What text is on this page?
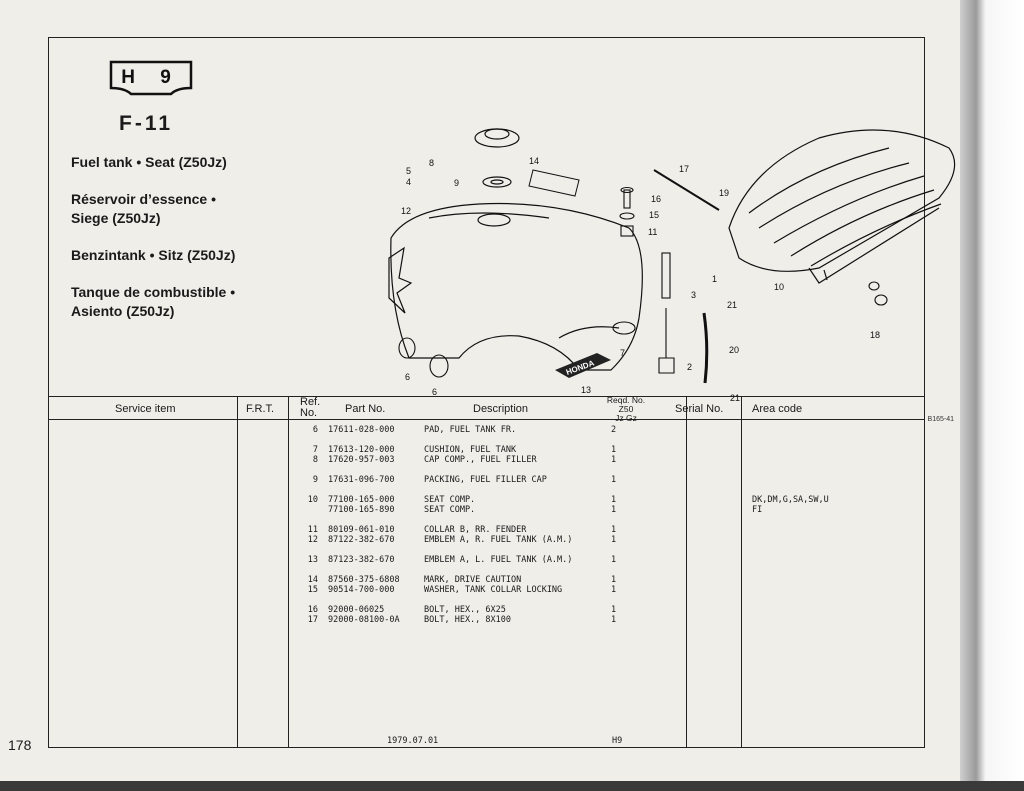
H 9
F-11
Fuel tank • Seat (Z50Jz)
Réservoir d’essence •
Siege (Z50Jz)
Benzintank • Sitz (Z50Jz)
Tanque de combustible •
Asiento (Z50Jz)
HONDA
8	14
4
17
9
16
15
19
11
12
1
3
21
10
18
7	20
2
6
6	13
21
5
B165-41
Service item	F.R.T.
Ref.
No.	Part No.	Description
Reqd. No.
Z50
Jz Gz
Serial No.	Area code
6 17611-028-000	PAD, FUEL TANK FR.	2
7 17613-120-000	CUSHION, FUEL TANK	1
8 17620-957-003	CAP COMP., FUEL FILLER	1
9 17631-096-700	PACKING, FUEL FILLER CAP	1
10 77100-165-000	SEAT COMP.	1	DK,DM,G,SA,SW,U
77100-165-890	SEAT COMP.	1	FI
11 80109-061-010	COLLAR B, RR. FENDER	1
12 87122-382-670	EMBLEM A, R. FUEL TANK (A.M.)	1
13 87123-382-670	EMBLEM A, L. FUEL TANK (A.M.)	1
14 87560-375-6808	MARK, DRIVE CAUTION	1
15 90514-700-000	WASHER, TANK COLLAR LOCKING	1
16 92000-06025	BOLT, HEX., 6X25	1
17 92000-08100-0A	BOLT, HEX., 8X100	1
1979.07.01	H9
178
